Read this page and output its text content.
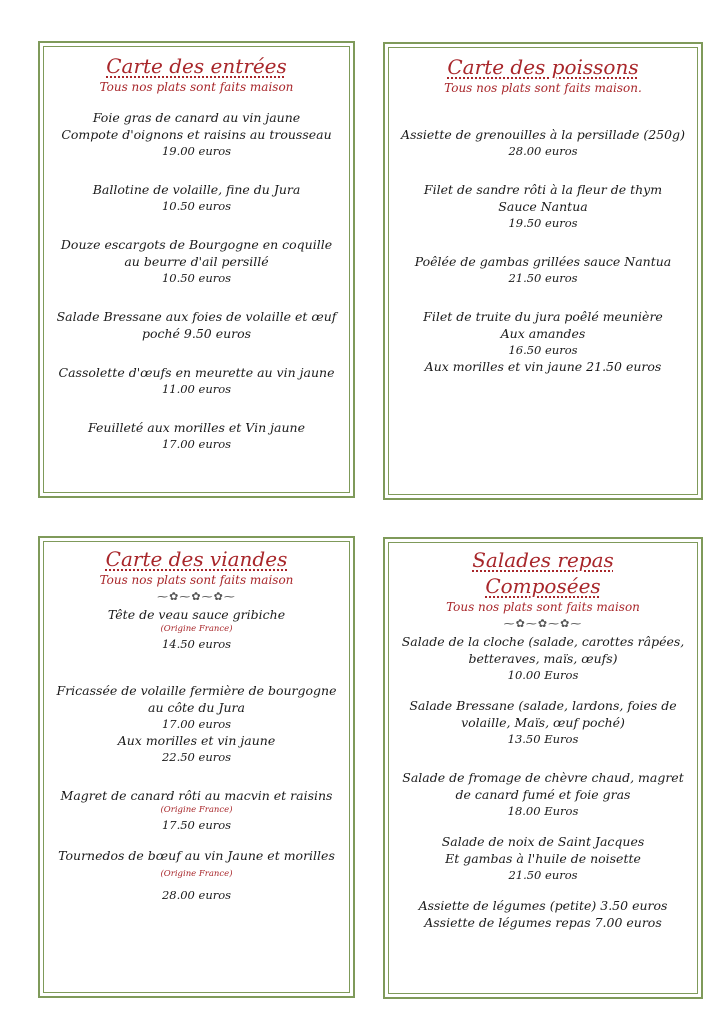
Carte des entrées
Tous nos plats sont faits maison
Foie gras de canard au vin jaune
Compote d'oignons et raisins au trousseau
19.00 euros
Ballotine de volaille, fine du Jura
10.50 euros
Douze escargots de Bourgogne en coquille
au beurre d'ail persillé
10.50 euros
Salade Bressane aux foies de volaille et œuf
poché 9.50 euros
Cassolette d'œufs en meurette au vin jaune
11.00 euros
Feuilleté aux morilles et Vin jaune
17.00 euros
Carte des poissons
Tous nos plats sont faits maison.
Assiette de grenouilles à la persillade (250g)
28.00 euros
Filet de sandre rôti à la fleur de thym
Sauce Nantua
19.50 euros
Poêlée de gambas grillées sauce Nantua
21.50 euros
Filet de truite du jura poêlé meunière
Aux amandes
16.50 euros
Aux morilles et vin jaune 21.50 euros
Carte des viandes
Tous nos plats sont faits maison
⁓✿⁓✿⁓✿⁓
Tête de veau sauce gribiche
(Origine France)
14.50 euros
Fricassée de volaille fermière de bourgogne
au côte du Jura
17.00 euros
Aux morilles et vin jaune
22.50 euros
Magret de canard rôti au macvin et raisins
(Origine France)
17.50 euros
Tournedos de bœuf au vin Jaune et morilles
(Origine France)
28.00 euros
Salades repas
Composées
Tous nos plats sont faits maison
⁓✿⁓✿⁓✿⁓
Salade de la cloche (salade, carottes râpées,
betteraves, maïs, œufs)
10.00 Euros
Salade Bressane (salade, lardons, foies de
volaille, Maïs, œuf poché)
13.50 Euros
Salade de fromage de chèvre chaud, magret
de canard fumé et foie gras
18.00 Euros
Salade de noix de Saint Jacques
Et gambas à l'huile de noisette
21.50 euros
Assiette de légumes (petite) 3.50 euros
Assiette de légumes repas 7.00 euros
